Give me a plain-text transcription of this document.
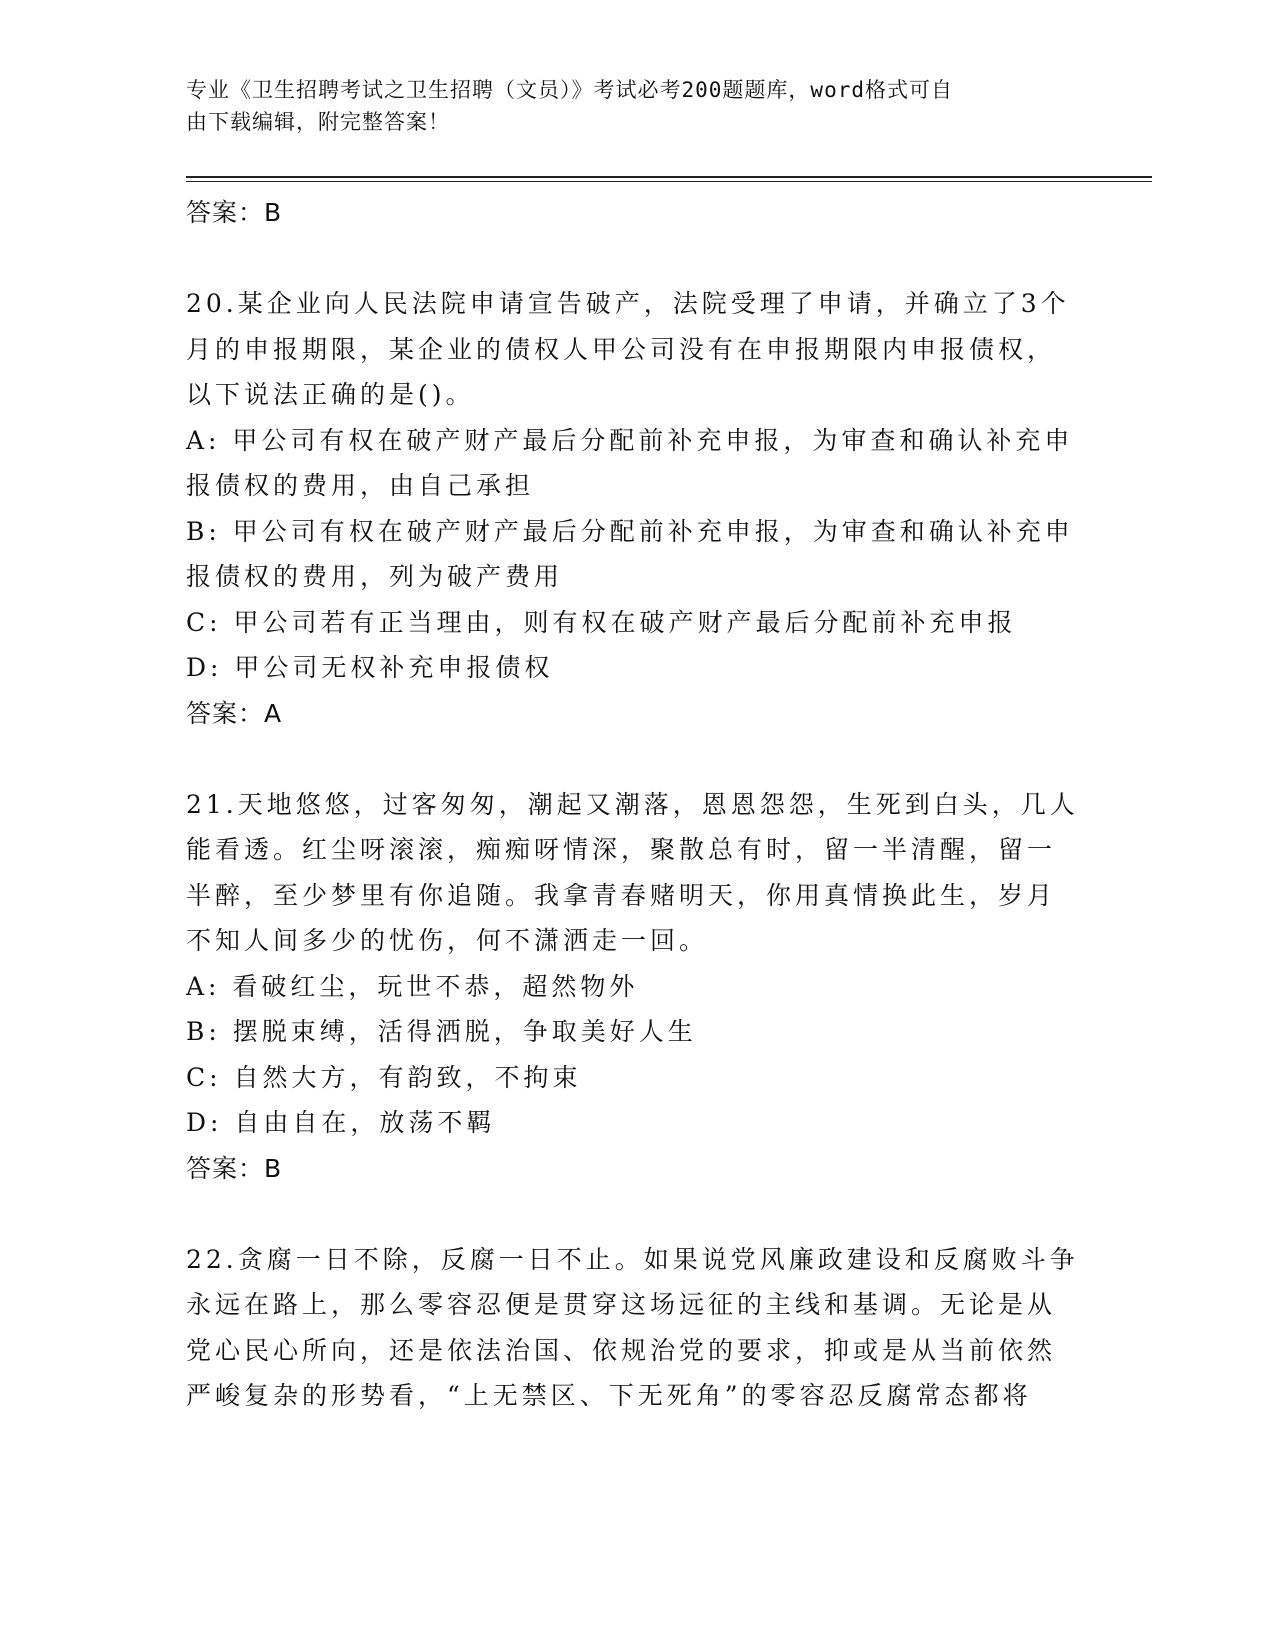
专业《卫生招聘考试之卫生招聘（文员）》考试必考200题题库，word格式可自
由下载编辑，附完整答案！
答案：B
20.某企业向人民法院申请宣告破产，法院受理了申请，并确立了3个
月的申报期限，某企业的债权人甲公司没有在申报期限内申报债权，
以下说法正确的是()。
A: 甲公司有权在破产财产最后分配前补充申报，为审查和确认补充申
报债权的费用，由自己承担
B: 甲公司有权在破产财产最后分配前补充申报，为审查和确认补充申
报债权的费用，列为破产费用
C: 甲公司若有正当理由，则有权在破产财产最后分配前补充申报
D: 甲公司无权补充申报债权
答案：A
21.天地悠悠，过客匆匆，潮起又潮落，恩恩怨怨，生死到白头，几人
能看透。红尘呀滚滚，痴痴呀情深，聚散总有时，留一半清醒，留一
半醉，至少梦里有你追随。我拿青春赌明天，你用真情换此生，岁月
不知人间多少的忧伤，何不潇洒走一回。
A: 看破红尘，玩世不恭，超然物外
B: 摆脱束缚，活得洒脱，争取美好人生
C: 自然大方，有韵致，不拘束
D: 自由自在，放荡不羁
答案：B
22.贪腐一日不除，反腐一日不止。如果说党风廉政建设和反腐败斗争
永远在路上，那么零容忍便是贯穿这场远征的主线和基调。无论是从
党心民心所向，还是依法治国、依规治党的要求，抑或是从当前依然
严峻复杂的形势看，“上无禁区、下无死角”的零容忍反腐常态都将
